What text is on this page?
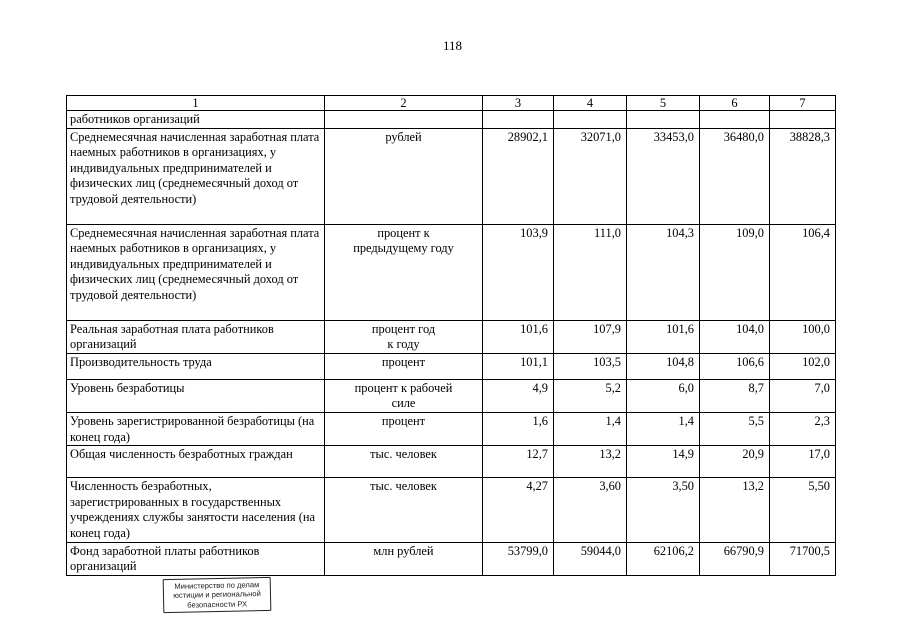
118
1	2	3	4	5	6	7
работников организаций						
Среднемесячная начисленная заработная плата наемных работников в организациях, у индивидуальных предпринимателей и физических лиц (среднемесячный доход от трудовой деятельности)	рублей	28902,1	32071,0	33453,0	36480,0	38828,3
Среднемесячная начисленная заработная плата наемных работников в организациях, у индивидуальных предпринимателей и физических лиц (среднемесячный доход от трудовой деятельности)	процент к
предыдущему году	103,9	111,0	104,3	109,0	106,4
Реальная заработная плата работников организаций	процент год
к году	101,6	107,9	101,6	104,0	100,0
Производительность труда	процент	101,1	103,5	104,8	106,6	102,0
Уровень безработицы	процент к рабочей
силе	4,9	5,2	6,0	8,7	7,0
Уровень зарегистрированной безработицы (на конец года)	процент	1,6	1,4	1,4	5,5	2,3
Общая численность безработных граждан	тыс. человек	12,7	13,2	14,9	20,9	17,0
Численность безработных, зарегистрированных в государственных учреждениях службы занятости населения (на конец года)	тыс. человек	4,27	3,60	3,50	13,2	5,50
Фонд заработной платы работников организаций	млн рублей	53799,0	59044,0	62106,2	66790,9	71700,5
Министерство по делам
юстиции и региональной
безопасности РХ
